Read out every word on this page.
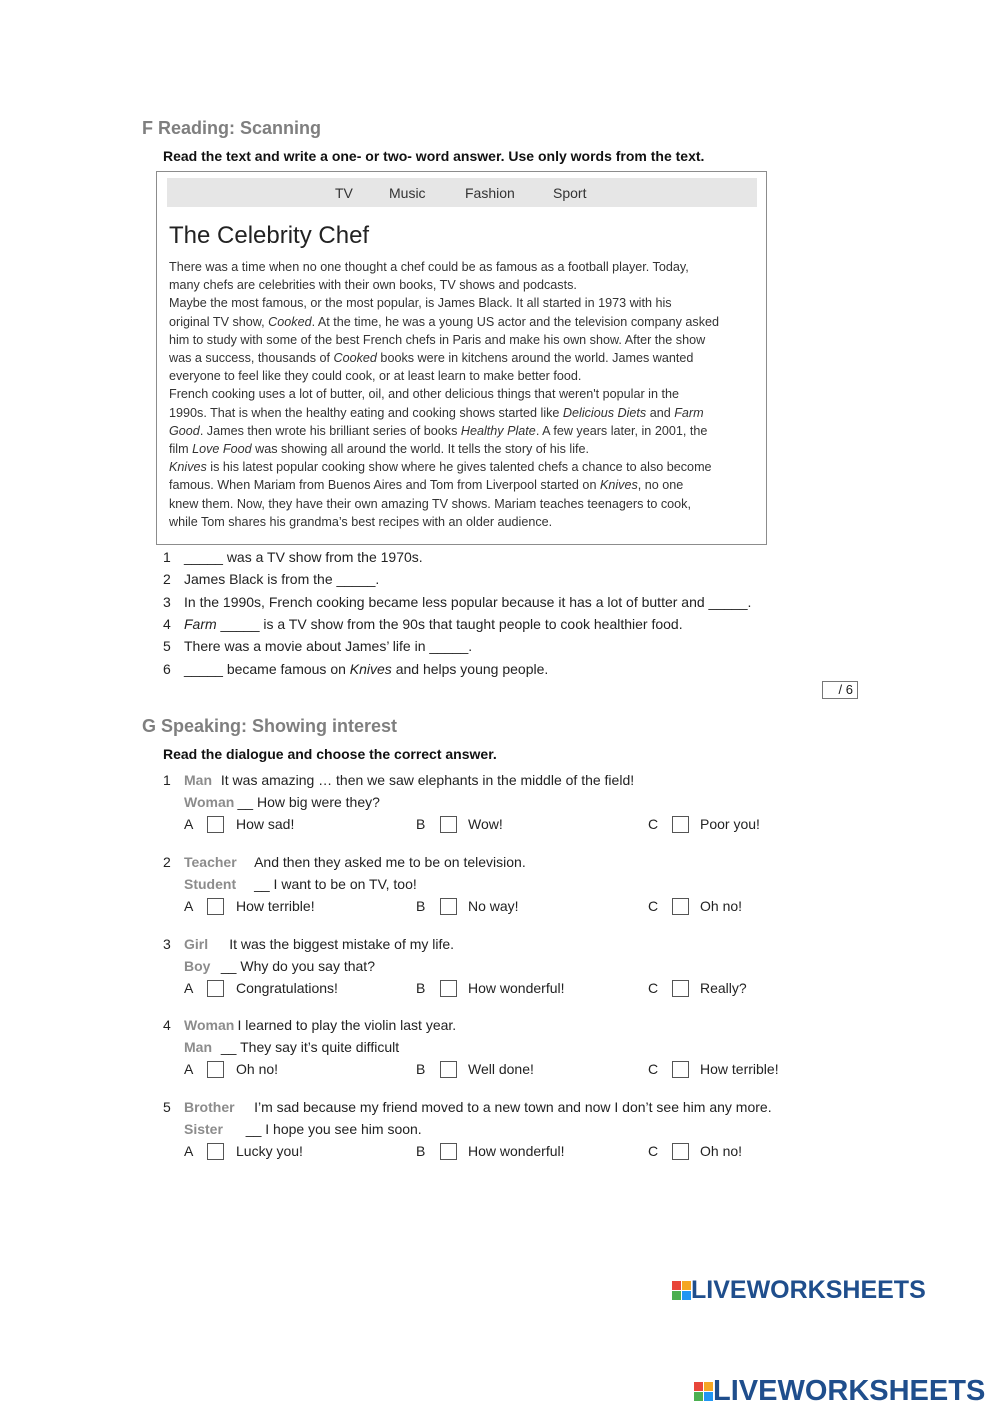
F Reading: Scanning
Read the text and write a one- or two- word answer. Use only words from the text.
TV	Music	Fashion	Sport
The Celebrity Chef
There was a time when no one thought a chef could be as famous as a football player. Today,
many chefs are celebrities with their own books, TV shows and podcasts.
Maybe the most famous, or the most popular, is James Black. It all started in 1973 with his
original TV show, Cooked. At the time, he was a young US actor and the television company asked
him to study with some of the best French chefs in Paris and make his own show. After the show
was a success, thousands of Cooked books were in kitchens around the world. James wanted
everyone to feel like they could cook, or at least learn to make better food.
French cooking uses a lot of butter, oil, and other delicious things that weren't popular in the
1990s. That is when the healthy eating and cooking shows started like Delicious Diets and Farm
Good. James then wrote his brilliant series of books Healthy Plate. A few years later, in 2001, the
film Love Food was showing all around the world. It tells the story of his life.
Knives is his latest popular cooking show where he gives talented chefs a chance to also become
famous. When Mariam from Buenos Aires and Tom from Liverpool started on Knives, no one
knew them. Now, they have their own amazing TV shows. Mariam teaches teenagers to cook,
while Tom shares his grandma’s best recipes with an older audience.
1 _____ was a TV show from the 1970s.
2 James Black is from the _____.
3 In the 1990s, French cooking became less popular because it has a lot of butter and _____.
4 Farm _____ is a TV show from the 90s that taught people to cook healthier food.
5 There was a movie about James’ life in _____.
6 _____ became famous on Knives and helps young people.
/ 6
G Speaking: Showing interest
Read the dialogue and choose the correct answer.
1 Man It was amazing … then we saw elephants in the middle of the field!
Woman __ How big were they?
A	How sad!	B	Wow!	C	Poor you!
2 Teacher And then they asked me to be on television.
Student __ I want to be on TV, too!
A	How terrible!	B	No way!	C	Oh no!
3 Girl It was the biggest mistake of my life.
Boy __ Why do you say that?
A	Congratulations!	B	How wonderful!	C	Really?
4 Woman I learned to play the violin last year.
Man __ They say it’s quite difficult
A	Oh no!	B	Well done!	C	How terrible!
5 Brother I’m sad because my friend moved to a new town and now I don’t see him any more.
Sister __ I hope you see him soon.
A	Lucky you!	B	How wonderful!	C	Oh no!
LIVEWORKSHEETS
LIVEWORKSHEETS
